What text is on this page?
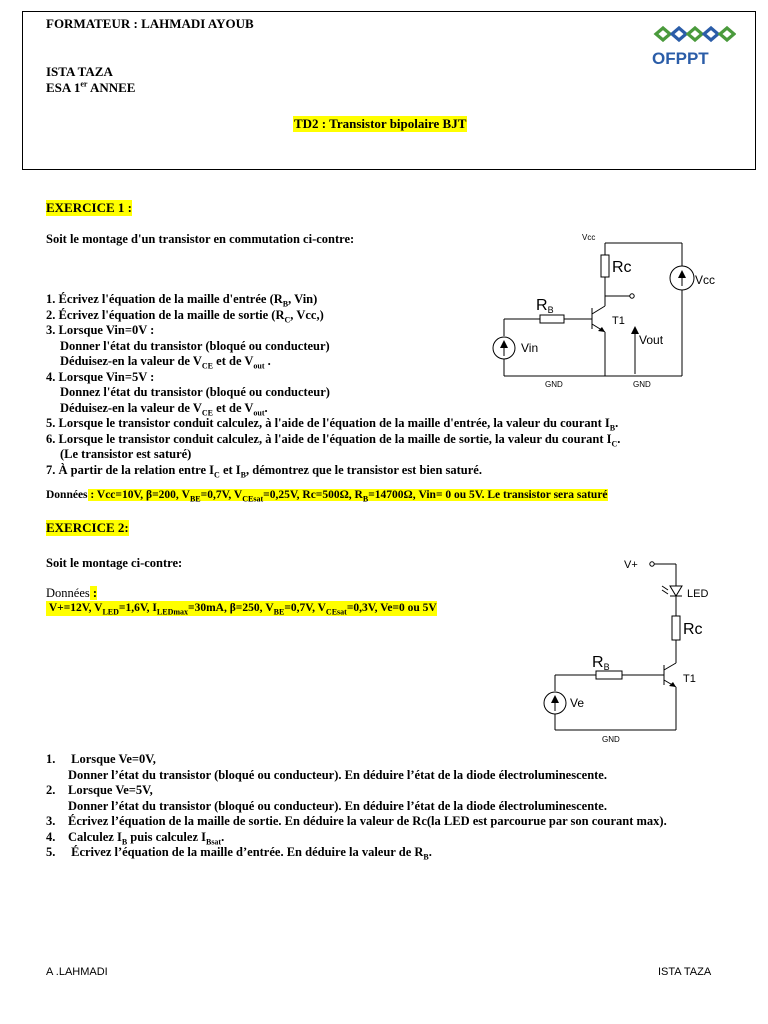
FORMATEUR : LAHMADI AYOUB
ISTA TAZA
ESA 1er ANNEE
TD2 : Transistor bipolaire BJT
OFPPT
EXERCICE 1 :
Soit le montage d'un transistor en commutation ci-contre:
1. Écrivez l'équation de la maille d'entrée ($R_B$, Vin)
2. Écrivez l'équation de la maille de sortie ($R_C$, Vcc,)
3. Lorsque Vin=0V :
Donner l'état du transistor (bloqué ou conducteur)
Déduisez-en la valeur de $V_{CE}$ et de $V_{out}$ .
4. Lorsque Vin=5V :
Donnez l'état du transistor (bloqué ou conducteur)
Déduisez-en la valeur de $V_{CE}$ et de $V_{out}$.
5. Lorsque le transistor conduit calculez, à l'aide de l'équation de la maille d'entrée, la valeur du courant $I_B$.
6. Lorsque le transistor conduit calculez, à l'aide de l'équation de la maille de sortie, la valeur du courant $I_C$.
(Le transistor est saturé)
7. À partir de la relation entre $I_C$ et $I_B$, démontrez que le transistor est bien saturé.
Données : Vcc=10V, β=200, $V_{BE}=0,7V$, $V_{CEsat}=0,25V$, Rc=500Ω, $R_B=14700\Omega$, Vin= 0 ou 5V. Le transistor sera saturé
Vcc
Rc
RB
T1
Vcc
Vin
Vout
GND	GND
EXERCICE 2:
Soit le montage ci-contre:
Données :
V+=12V, $V_{LED}=1,6V$, $I_{LEDmax}=30mA$, β=250, $V_{BE}=0,7V$, $V_{CEsat}=0,3V$, Ve=0 ou 5V
V+
LED
Rc
RB
T1
Ve
GND
1. Lorsque Ve=0V,
Donner l’état du transistor (bloqué ou conducteur). En déduire l’état de la diode électroluminescente.
2. Lorsque Ve=5V,
Donner l’état du transistor (bloqué ou conducteur). En déduire l’état de la diode électroluminescente.
3. Écrivez l’équation de la maille de sortie. En déduire la valeur de Rc(la LED est parcourue par son courant max).
4. Calculez $I_B$ puis calculez $I_{Bsat}$.
5. Écrivez l’équation de la maille d’entrée. En déduire la valeur de $R_B$.
A .LAHMADI	ISTA TAZA
